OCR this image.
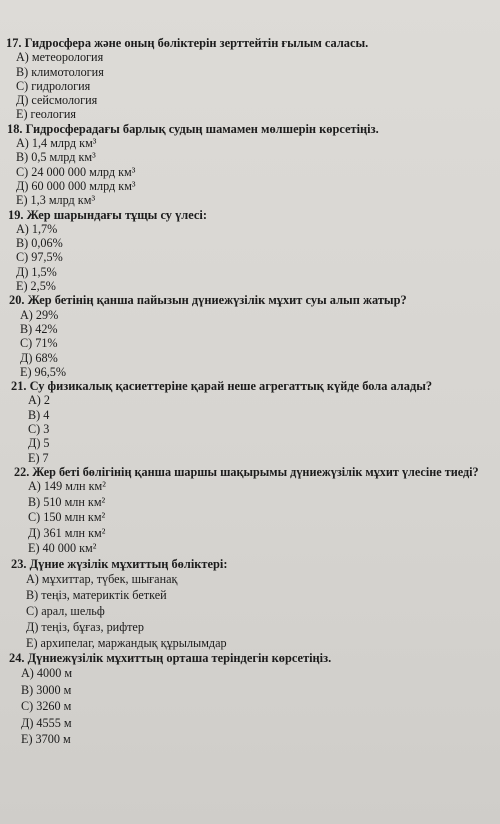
17. Гидросфера және оның бөліктерін зерттейтін ғылым саласы.
A) метеорология
B) климотология
C) гидрология
Д) сейсмология
E) геология
18. Гидросферадағы барлық судың шамамен мөлшерін көрсетіңіз.
A) 1,4 млрд км³
B) 0,5 млрд км³
C) 24 000 000 млрд км³
Д) 60 000 000 млрд км³
E) 1,3 млрд км³
19. Жер шарындағы тұщы су үлесі:
A) 1,7%
B) 0,06%
C) 97,5%
Д) 1,5%
E) 2,5%
20. Жер бетінің қанша пайызын дүниежүзілік мұхит суы алып жатыр?
A) 29%
B) 42%
C) 71%
Д) 68%
E) 96,5%
21. Су физикалық қасиеттеріне қарай неше агрегаттық күйде бола алады?
A) 2
B) 4
C) 3
Д) 5
E) 7
22. Жер беті бөлігінің қанша шаршы шақырымы дүниежүзілік мұхит үлесіне тиеді?
A) 149 млн км²
B) 510 млн км²
C) 150 млн км²
Д) 361 млн км²
E) 40 000 км²
23. Дүние жүзілік мұхиттың бөліктері:
A) мұхиттар, түбек, шығанақ
B) теңіз, материктік беткей
C) арал, шельф
Д) теңіз, бұғаз, рифтер
E) архипелаг, маржандық құрылымдар
24. Дүниежүзілік мұхиттың орташа теріндегін көрсетіңіз.
A) 4000 м
B) 3000 м
C) 3260 м
Д) 4555 м
E) 3700 м
